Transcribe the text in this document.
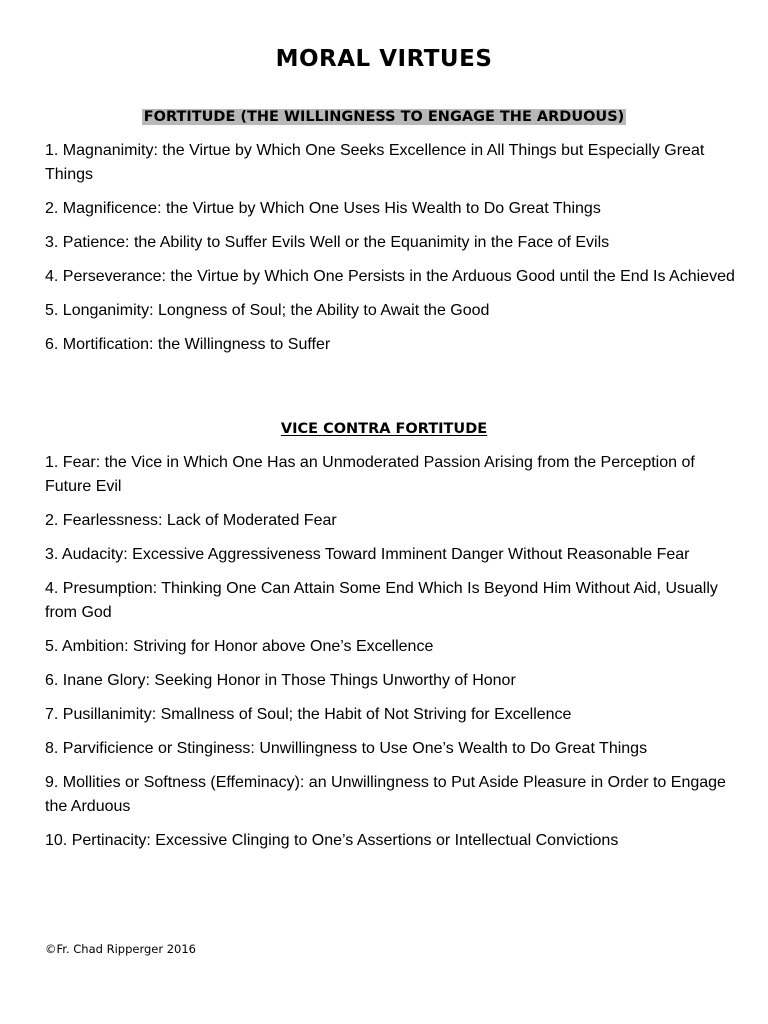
MORAL VIRTUES
FORTITUDE (THE WILLINGNESS TO ENGAGE THE ARDUOUS)
1. Magnanimity: the Virtue by Which One Seeks Excellence in All Things but Especially Great Things
2. Magnificence: the Virtue by Which One Uses His Wealth to Do Great Things
3. Patience: the Ability to Suffer Evils Well or the Equanimity in the Face of Evils
4. Perseverance: the Virtue by Which One Persists in the Arduous Good until the End Is Achieved
5. Longanimity: Longness of Soul; the Ability to Await the Good
6. Mortification: the Willingness to Suffer
VICE CONTRA FORTITUDE
1. Fear: the Vice in Which One Has an Unmoderated Passion Arising from the Perception of Future Evil
2. Fearlessness: Lack of Moderated Fear
3. Audacity: Excessive Aggressiveness Toward Imminent Danger Without Reasonable Fear
4. Presumption: Thinking One Can Attain Some End Which Is Beyond Him Without Aid, Usually from God
5. Ambition: Striving for Honor above One’s Excellence
6. Inane Glory: Seeking Honor in Those Things Unworthy of Honor
7. Pusillanimity: Smallness of Soul; the Habit of Not Striving for Excellence
8. Parvificience or Stinginess: Unwillingness to Use One’s Wealth to Do Great Things
9. Mollities or Softness (Effeminacy): an Unwillingness to Put Aside Pleasure in Order to Engage the Arduous
10. Pertinacity: Excessive Clinging to One’s Assertions or Intellectual Convictions

©Fr. Chad Ripperger 2016
